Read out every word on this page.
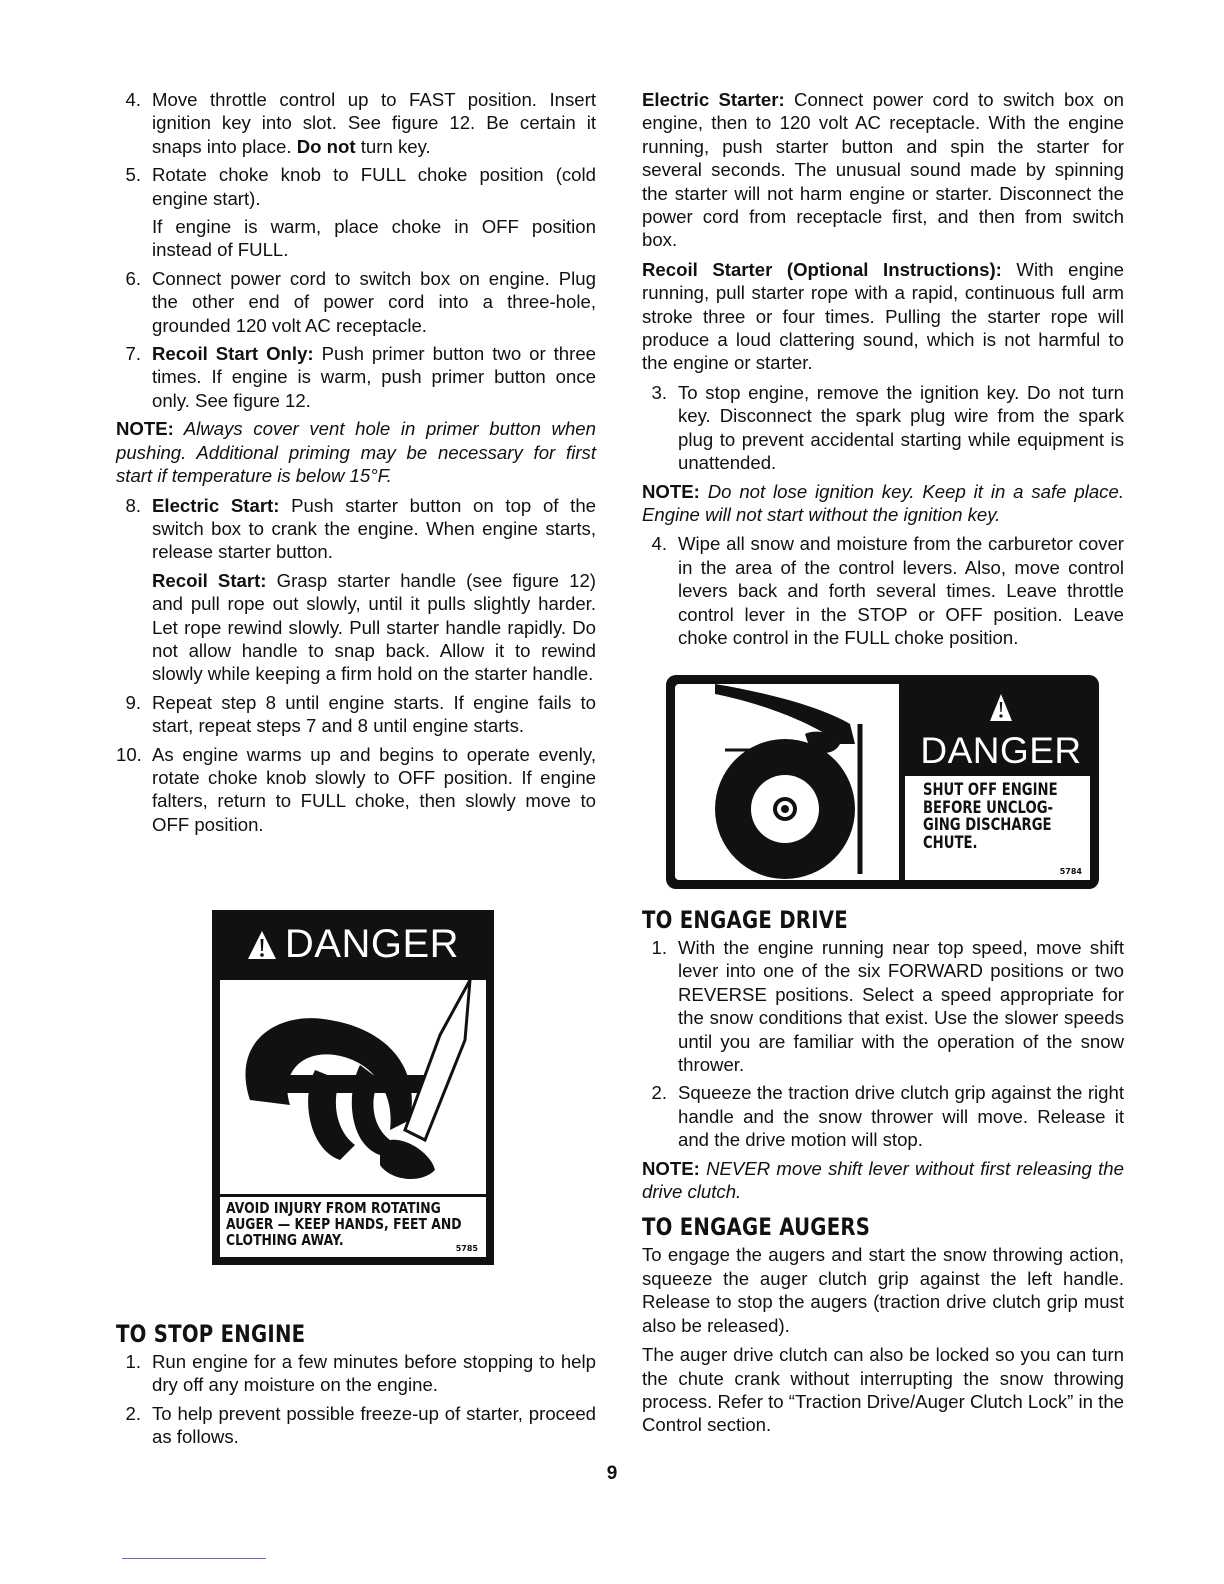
4. Move throttle control up to FAST position. Insert ignition key into slot. See figure 12. Be certain it snaps into place. Do not turn key.

5. Rotate choke knob to FULL choke position (cold engine start).

If engine is warm, place choke in OFF position instead of FULL.

6. Connect power cord to switch box on engine. Plug the other end of power cord into a three-hole, grounded 120 volt AC receptacle.

7. Recoil Start Only: Push primer button two or three times. If engine is warm, push primer button once only. See figure 12.

NOTE: Always cover vent hole in primer button when pushing. Additional priming may be necessary for first start if temperature is below 15°F.

8. Electric Start: Push starter button on top of the switch box to crank the engine. When engine starts, release starter button.

Recoil Start: Grasp starter handle (see figure 12) and pull rope out slowly, until it pulls slightly harder. Let rope rewind slowly. Pull starter handle rapidly. Do not allow handle to snap back. Allow it to rewind slowly while keeping a firm hold on the starter handle.

9. Repeat step 8 until engine starts. If engine fails to start, repeat steps 7 and 8 until engine starts.

10. As engine warms up and begins to operate evenly, rotate choke knob slowly to OFF position. If engine falters, return to FULL choke, then slowly move to OFF position.

DANGER
AVOID INJURY FROM ROTATING AUGER — KEEP HANDS, FEET AND CLOTHING AWAY.	5785
TO STOP ENGINE
1. Run engine for a few minutes before stopping to help dry off any moisture on the engine.

2. To help prevent possible freeze-up of starter, proceed as follows.

Electric Starter: Connect power cord to switch box on engine, then to 120 volt AC receptacle. With the engine running, push starter button and spin the starter for several seconds. The unusual sound made by spinning the starter will not harm engine or starter. Disconnect the power cord from receptacle first, and then from switch box.

Recoil Starter (Optional Instructions): With engine running, pull starter rope with a rapid, continuous full arm stroke three or four times. Pulling the starter rope will produce a loud clattering sound, which is not harmful to the engine or starter.

3. To stop engine, remove the ignition key. Do not turn key. Disconnect the spark plug wire from the spark plug to prevent accidental starting while equipment is unattended.

NOTE: Do not lose ignition key. Keep it in a safe place. Engine will not start without the ignition key.

4. Wipe all snow and moisture from the carburetor cover in the area of the control levers. Also, move control levers back and forth several times. Leave throttle control lever in the STOP or OFF position. Leave choke control in the FULL choke position.

DANGER
SHUT OFF ENGINE BEFORE UNCLOG- GING DISCHARGE CHUTE.
5784
TO ENGAGE DRIVE
1. With the engine running near top speed, move shift lever into one of the six FORWARD positions or two REVERSE positions. Select a speed appropriate for the snow conditions that exist. Use the slower speeds until you are familiar with the operation of the snow thrower.

2. Squeeze the traction drive clutch grip against the right handle and the snow thrower will move. Release it and the drive motion will stop.

NOTE: NEVER move shift lever without first releasing the drive clutch.

TO ENGAGE AUGERS

To engage the augers and start the snow throwing action, squeeze the auger clutch grip against the left handle. Release to stop the augers (traction drive clutch grip must also be released).

The auger drive clutch can also be locked so you can turn the chute crank without interrupting the snow throwing process. Refer to “Traction Drive/Auger Clutch Lock” in the Control section.

9
